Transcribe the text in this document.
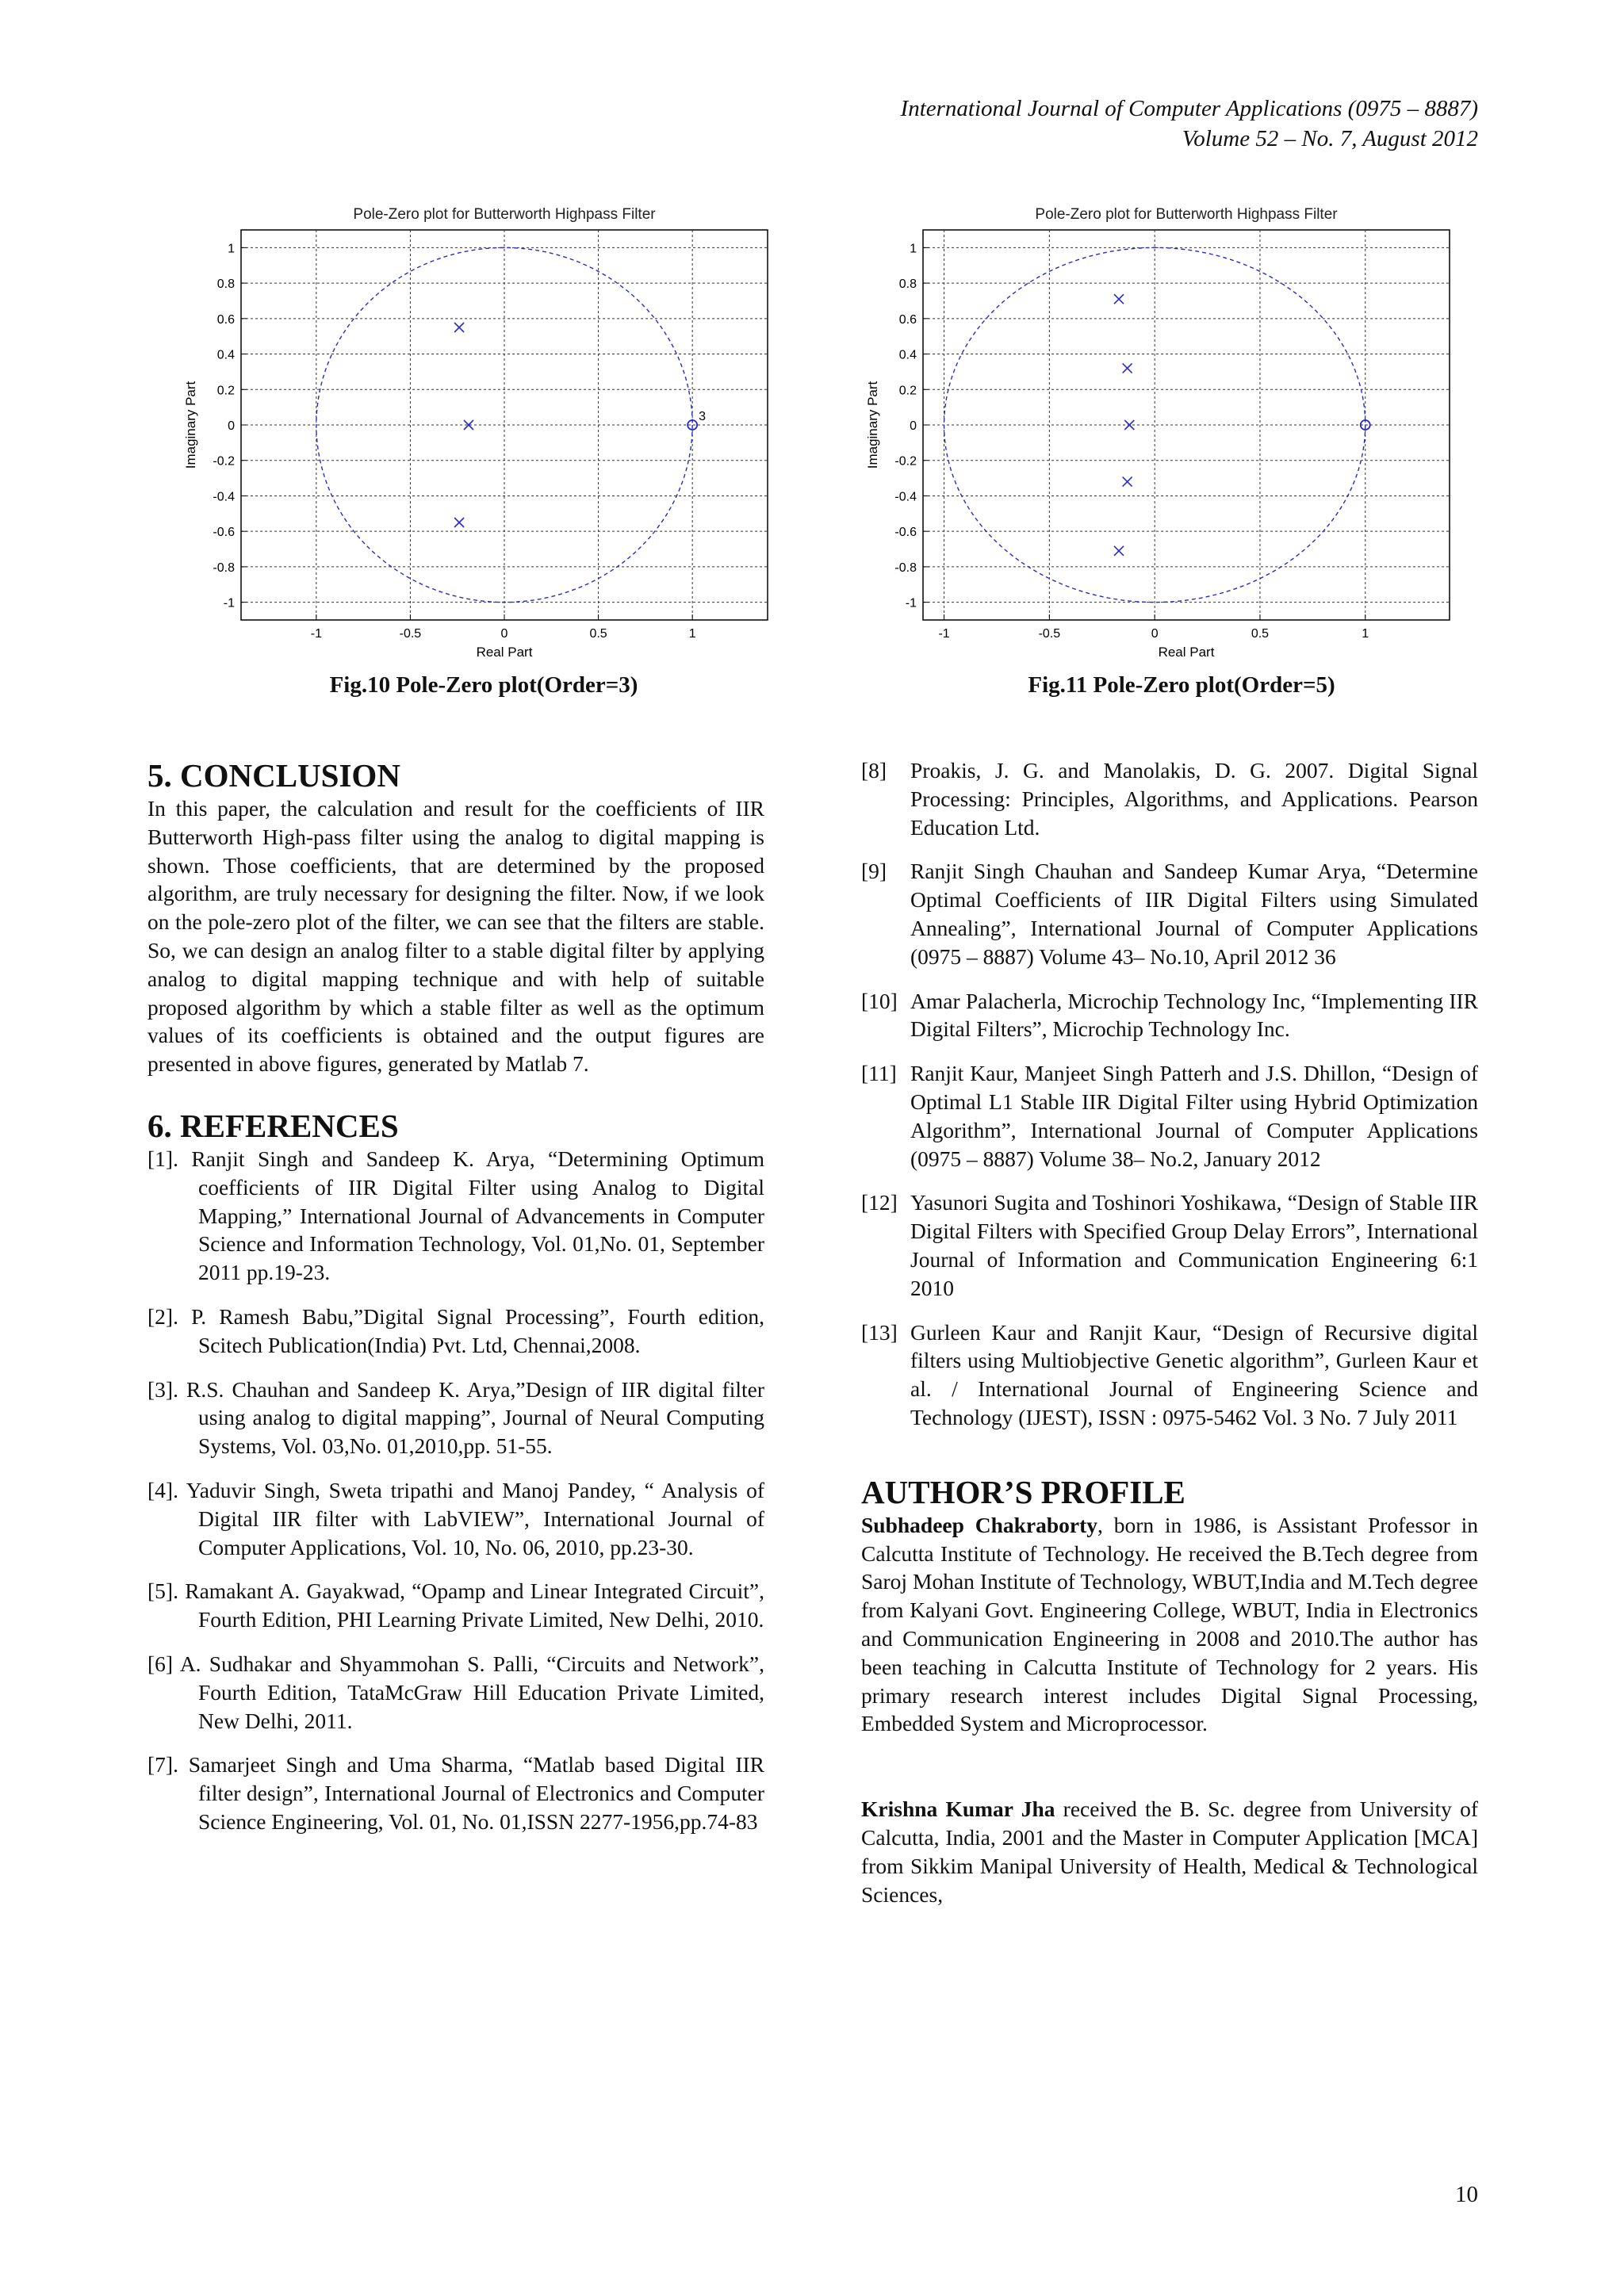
International Journal of Computer Applications (0975 – 8887)
Volume 52 – No. 7, August 2012
Pole-Zero plot for Butterworth Highpass Filter
-1	-0.5	0	0.5	1
1
0.8
0.6
0.4
0.2
0
-0.2
-0.4
-0.6
-0.8
-1
3
Real Part
Imaginary Part
Fig.10 Pole-Zero plot(Order=3)
Pole-Zero plot for Butterworth Highpass Filter
-1	-0.5	0	0.5	1
1
0.8
0.6
0.4
0.2
0
-0.2
-0.4
-0.6
-0.8
-1
Real Part
Imaginary Part
Fig.11 Pole-Zero plot(Order=5)
5. CONCLUSION

In this paper, the calculation and result for the coefficients of IIR Butterworth High-pass filter using the analog to digital mapping is shown. Those coefficients, that are determined by the proposed algorithm, are truly necessary for designing the filter. Now, if we look on the pole-zero plot of the filter, we can see that the filters are stable. So, we can design an analog filter to a stable digital filter by applying analog to digital mapping technique and with help of suitable proposed algorithm by which a stable filter as well as the optimum values of its coefficients is obtained and the output figures are presented in above figures, generated by Matlab 7.

6. REFERENCES
[1]. Ranjit Singh and Sandeep K. Arya, “Determining Optimum coefficients of IIR Digital Filter using Analog to Digital Mapping,” International Journal of Advancements in Computer Science and Information Technology, Vol. 01,No. 01, September 2011 pp.19-23.
[2]. P. Ramesh Babu,”Digital Signal Processing”, Fourth edition, Scitech Publication(India) Pvt. Ltd, Chennai,2008.
[3]. R.S. Chauhan and Sandeep K. Arya,”Design of IIR digital filter using analog to digital mapping”, Journal of Neural Computing Systems, Vol. 03,No. 01,2010,pp. 51-55.
[4]. Yaduvir Singh, Sweta tripathi and Manoj Pandey, “ Analysis of Digital IIR filter with LabVIEW”, International Journal of Computer Applications, Vol. 10, No. 06, 2010, pp.23-30.
[5]. Ramakant A. Gayakwad, “Opamp and Linear Integrated Circuit”, Fourth Edition, PHI Learning Private Limited, New Delhi, 2010.
[6] A. Sudhakar and Shyammohan S. Palli, “Circuits and Network”, Fourth Edition, TataMcGraw Hill Education Private Limited, New Delhi, 2011.
[7]. Samarjeet Singh and Uma Sharma, “Matlab based Digital IIR filter design”, International Journal of Electronics and Computer Science Engineering, Vol. 01, No. 01,ISSN 2277-1956,pp.74-83
[8]	Proakis, J. G. and Manolakis, D. G. 2007. Digital Signal Processing: Principles, Algorithms, and Applications. Pearson Education Ltd.
[9]	Ranjit Singh Chauhan and Sandeep Kumar Arya, “Determine Optimal Coefficients of IIR Digital Filters using Simulated Annealing”, International Journal of Computer Applications (0975 – 8887) Volume 43– No.10, April 2012 36
[10] Amar Palacherla, Microchip Technology Inc, “Implementing IIR Digital Filters”, Microchip Technology Inc.
[11] Ranjit Kaur, Manjeet Singh Patterh and J.S. Dhillon, “Design of Optimal L1 Stable IIR Digital Filter using Hybrid Optimization Algorithm”, International Journal of Computer Applications (0975 – 8887) Volume 38– No.2, January 2012
[12] Yasunori Sugita and Toshinori Yoshikawa, “Design of Stable IIR Digital Filters with Specified Group Delay Errors”, International Journal of Information and Communication Engineering 6:1 2010
[13] Gurleen Kaur and Ranjit Kaur, “Design of Recursive digital filters using Multiobjective Genetic algorithm”, Gurleen Kaur et al. / International Journal of Engineering Science and Technology (IJEST), ISSN : 0975-5462 Vol. 3 No. 7 July 2011
AUTHOR’S PROFILE

Subhadeep Chakraborty, born in 1986, is Assistant Professor in Calcutta Institute of Technology. He received the B.Tech degree from Saroj Mohan Institute of Technology, WBUT,India and M.Tech degree from Kalyani Govt. Engineering College, WBUT, India in Electronics and Communication Engineering in 2008 and 2010.The author has been teaching in Calcutta Institute of Technology for 2 years. His primary research interest includes Digital Signal Processing, Embedded System and Microprocessor.

Krishna Kumar Jha received the B. Sc. degree from University of Calcutta, India, 2001 and the Master in Computer Application [MCA] from Sikkim Manipal University of Health, Medical & Technological Sciences,

10
